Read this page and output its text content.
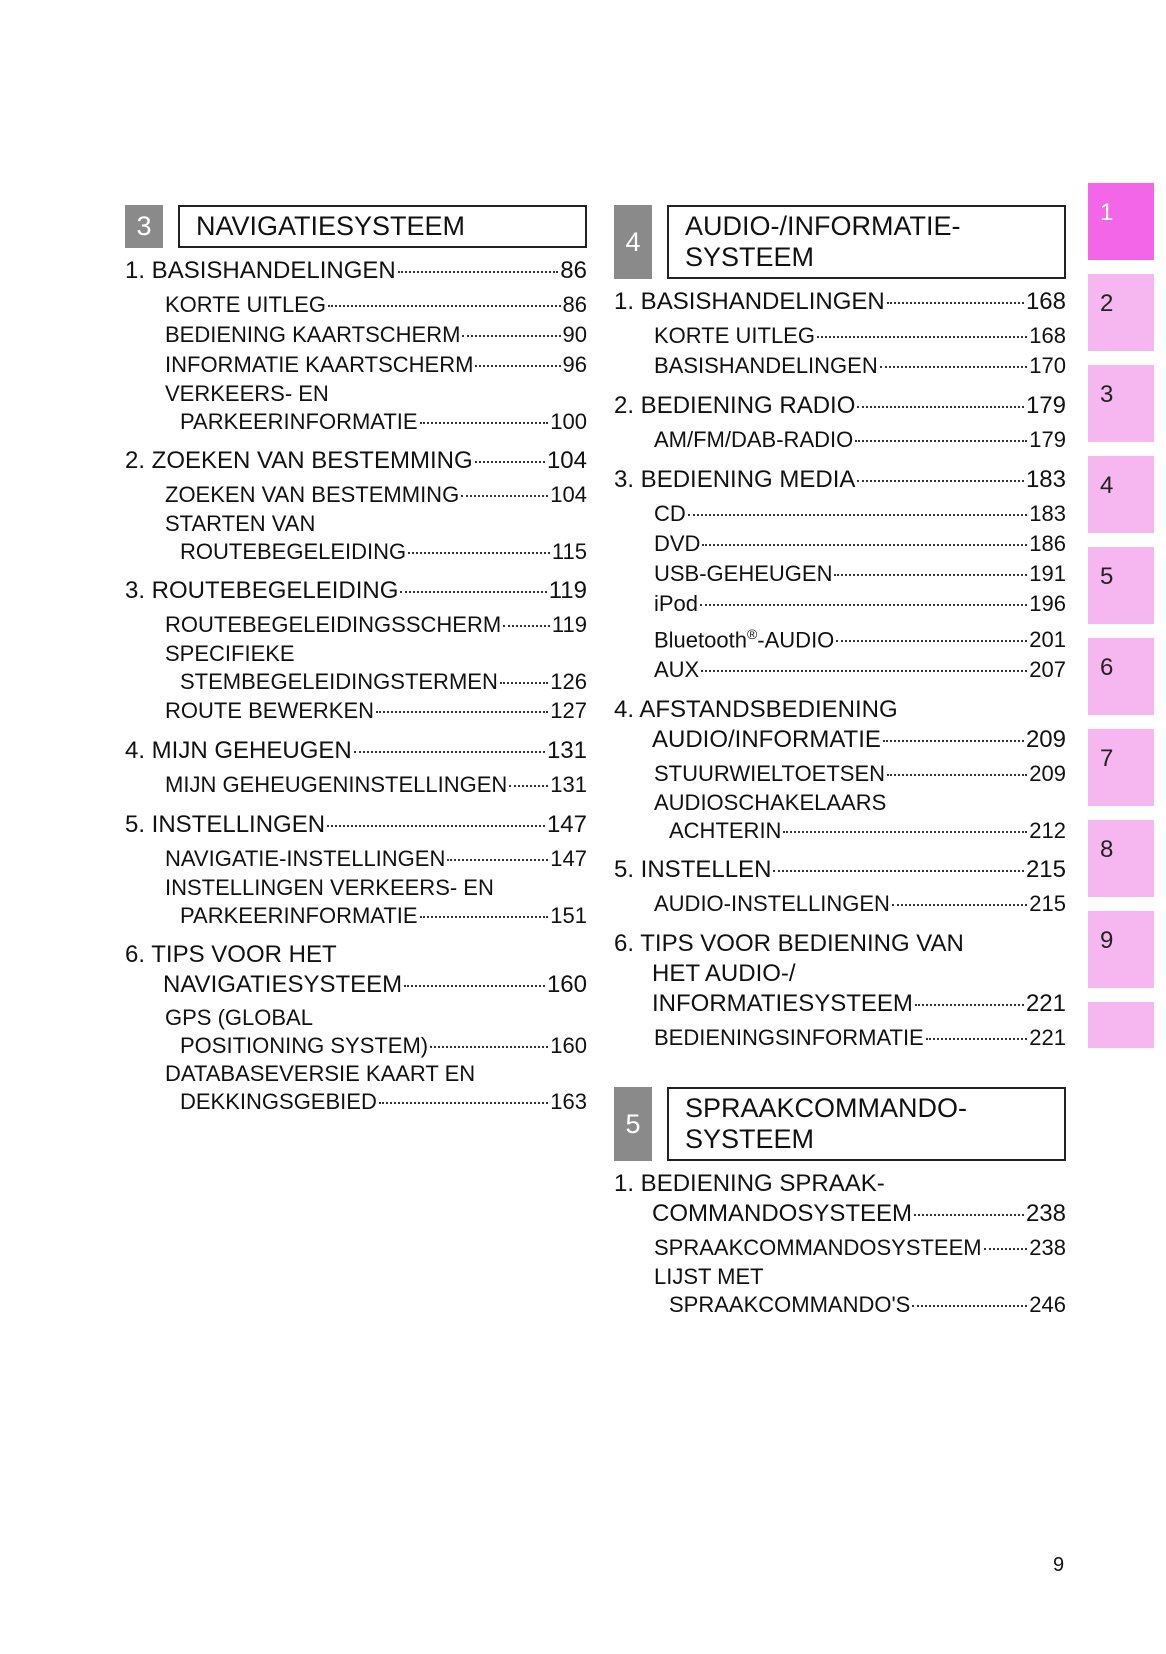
3	NAVIGATIESYSTEEM
1. BASISHANDELINGEN	86
KORTE UITLEG	86
BEDIENING KAARTSCHERM	90
INFORMATIE KAARTSCHERM	96
VERKEERS- EN
PARKEERINFORMATIE	100
2. ZOEKEN VAN BESTEMMING	104
ZOEKEN VAN BESTEMMING	104
STARTEN VAN
ROUTEBEGELEIDING	115
3. ROUTEBEGELEIDING	119
ROUTEBEGELEIDINGSSCHERM 119
SPECIFIEKE
STEMBEGELEIDINGSTERMEN 126
ROUTE BEWERKEN	127
4. MIJN GEHEUGEN	131
MIJN GEHEUGENINSTELLINGEN 131
5. INSTELLINGEN	147
NAVIGATIE-INSTELLINGEN	147
INSTELLINGEN VERKEERS- EN
PARKEERINFORMATIE	151
6. TIPS VOOR HET
NAVIGATIESYSTEEM	160
GPS (GLOBAL
POSITIONING SYSTEM)	160
DATABASEVERSIE KAART EN
DEKKINGSGEBIED	163
4
AUDIO-/INFORMATIE-
SYSTEEM
1. BASISHANDELINGEN	168
KORTE UITLEG	168
BASISHANDELINGEN	170
2. BEDIENING RADIO	179
AM/FM/DAB-RADIO	179
3. BEDIENING MEDIA	183
CD	183
DVD	186
USB-GEHEUGEN	191
iPod	196
Bluetooth®-AUDIO	201
AUX	207
4. AFSTANDSBEDIENING
AUDIO/INFORMATIE	209
STUURWIELTOETSEN	209
AUDIOSCHAKELAARS
ACHTERIN	212
5. INSTELLEN	215
AUDIO-INSTELLINGEN	215
6. TIPS VOOR BEDIENING VAN
HET AUDIO-/
INFORMATIESYSTEEM	221
BEDIENINGSINFORMATIE	221
5
SPRAAKCOMMANDO-
SYSTEEM
1. BEDIENING SPRAAK-
COMMANDOSYSTEEM	238
SPRAAKCOMMANDOSYSTEEM 238
LIJST MET
SPRAAKCOMMANDO'S	246
1
2
3
4
5
6
7
8
9
9
